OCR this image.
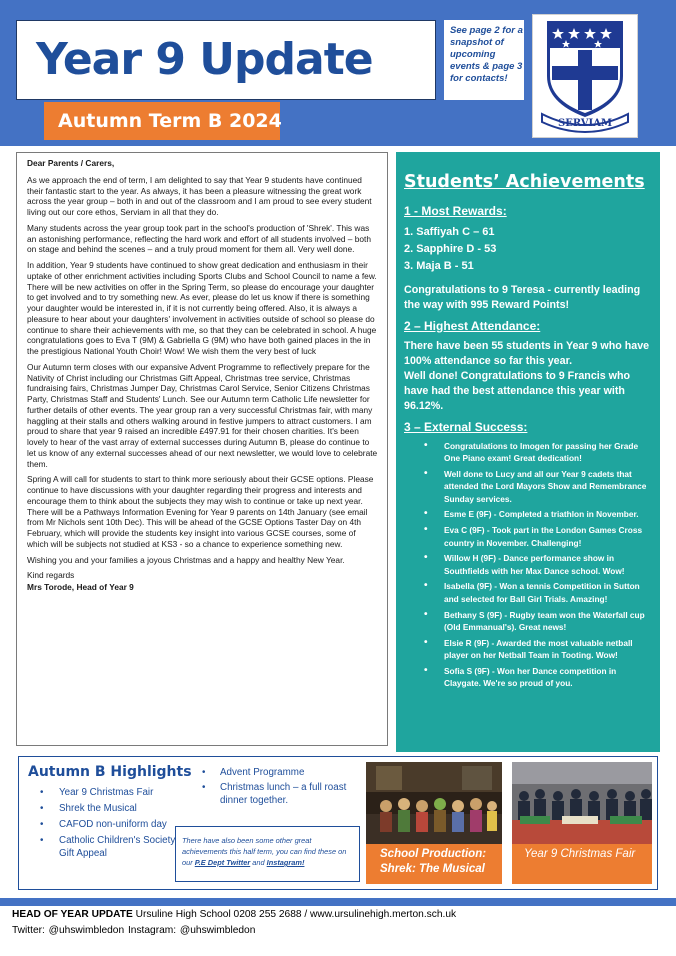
Year 9 Update
Autumn Term B 2024
See page 2 for a snapshot of upcoming events & page 3 for contacts!
SERVIAM

Dear Parents / Carers,

As we approach the end of term, I am delighted to say that Year 9 students have continued their fantastic start to the year. As always, it has been a pleasure witnessing the great work across the year group – both in and out of the classroom and I am proud to see every student living out our core ethos, Serviam in all that they do.

Many students across the year group took part in the school's production of 'Shrek'. This was an astonishing performance, reflecting the hard work and effort of all students involved – both on stage and behind the scenes – and a truly proud moment for them all. Very well done.

In addition, Year 9 students have continued to show great dedication and enthusiasm in their uptake of other enrichment activities including Sports Clubs and School Council to name a few. There will be new activities on offer in the Spring Term, so please do encourage your daughter to get involved and to try something new. As ever, please do let us know if there is something your daughter would be interested in, if it is not currently being offered. Also, it is always a pleasure to hear about your daughters' involvement in activities outside of school so please do continue to share their achievements with me, so that they can be celebrated in school. A huge congratulations goes to Eva T (9M) & Gabriella G (9M) who have both gained places in the in the prestigious National Youth Choir! Wow! We wish them the very best of luck

Our Autumn term closes with our expansive Advent Programme to reflectively prepare for the Nativity of Christ including our Christmas Gift Appeal, Christmas tree service, Christmas fundraising fairs, Christmas Jumper Day, Christmas Carol Service, Senior Citizens Christmas Party, Christmas Staff and Students' Lunch. See our Autumn term Catholic Life newsletter for further details of other events. The year group ran a very successful Christmas fair, with many haggling at their stalls and others walking around in festive jumpers to attract customers. I am proud to share that year 9 raised an incredible £497.91 for their chosen charities. It's been lovely to hear of the vast array of external successes during Autumn B, please do continue to let us know of any external successes ahead of our next newsletter, we would love to celebrate them.

Spring A will call for students to start to think more seriously about their GCSE options. Please continue to have discussions with your daughter regarding their progress and interests and encourage them to think about the subjects they may wish to continue or take up next year. There will be a Pathways Information Evening for Year 9 parents on 14th January (see email from Mr Nichols sent 10th Dec). This will be ahead of the GCSE Options Taster Day on 4th February, which will provide the students key insight into various GCSE courses, some of which will be subjects not studied at KS3 - so a chance to experience something new.

Wishing you and your families a joyous Christmas and a happy and healthy New Year.

Kind regards

Mrs Torode, Head of Year 9

Students’ Achievements
1 - Most Rewards:
1. Saffiyah C – 61
2. Sapphire D - 53
3. Maja B - 51

Congratulations to 9 Teresa - currently leading the way with 995 Reward Points!

2 – Highest Attendance:

There have been 55 students in Year 9 who have 100% attendance so far this year.

Well done! Congratulations to 9 Francis who have had the best attendance this year with 96.12%.

3 – External Success:
• Congratulations to Imogen for passing her Grade One Piano exam! Great dedication!
• Well done to Lucy and all our Year 9 cadets that attended the Lord Mayors Show and Remembrance Sunday services.
• Esme E (9F) - Completed a triathlon in November.
• Eva C (9F) - Took part in the London Games Cross country in November. Challenging!
• Willow H (9F) - Dance performance show in Southfields with her Max Dance school. Wow!
• Isabella (9F) - Won a tennis Competition in Sutton and selected for Ball Girl Trials. Amazing!
• Bethany S (9F) - Rugby team won the Waterfall cup (Old Emmanual's). Great news!
• Elsie R (9F) - Awarded the most valuable netball player on her Netball Team in Tooting. Wow!
• Sofia S (9F) - Won her Dance competition in Claygate. We're so proud of you.
Autumn B Highlights
• Year 9 Christmas Fair
• Shrek the Musical
• CAFOD non-uniform day
• Catholic Children's Society Gift Appeal
• Advent Programme
• Christmas lunch – a full roast dinner together.
There have also been some other great achievements this half term, you can find these on our P.E Dept Twitter and Instagram!
School Production: Shrek: The Musical
Year 9 Christmas Fair
HEAD OF YEAR UPDATE Ursuline High School 0208 255 2688 / www.ursulinehigh.merton.sch.uk
Twitter: @uhswimbledon Instagram: @uhswimbledon
